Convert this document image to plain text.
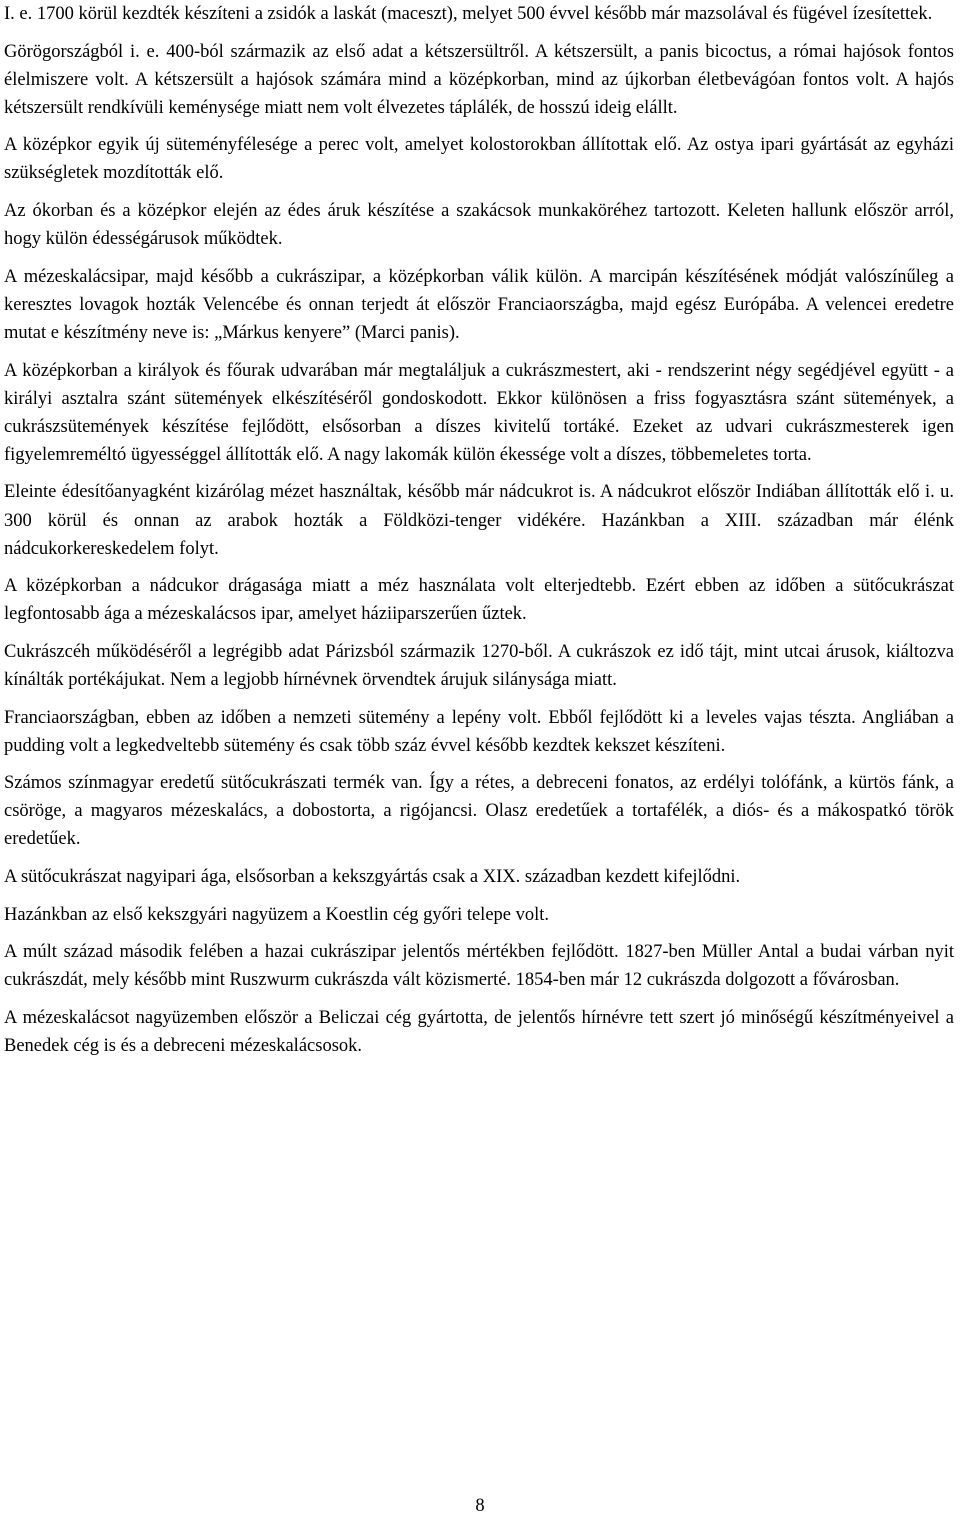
I. e. 1700 körül kezdték készíteni a zsidók a laskát (maceszt), melyet 500 évvel később már mazsolával és fügével ízesítettek.

Görögországból i. e. 400-ból származik az első adat a kétszersültről. A kétszersült, a panis bicoctus, a római hajósok fontos élelmiszere volt. A kétszersült a hajósok számára mind a középkorban, mind az újkorban életbevágóan fontos volt. A hajós kétszersült rendkívüli keménysége miatt nem volt élvezetes táplálék, de hosszú ideig elállt.

A középkor egyik új süteményfélesége a perec volt, amelyet kolostorokban állítottak elő. Az ostya ipari gyártását az egyházi szükségletek mozdították elő.

Az ókorban és a középkor elején az édes áruk készítése a szakácsok munkaköréhez tartozott. Keleten hallunk először arról, hogy külön édességárusok működtek.

A mézeskalácsipar, majd később a cukrászipar, a középkorban válik külön. A marcipán készítésének módját valószínűleg a keresztes lovagok hozták Velencébe és onnan terjedt át először Franciaországba, majd egész Európába. A velencei eredetre mutat e készítmény neve is: „Márkus kenyere” (Marci panis).

A középkorban a királyok és főurak udvarában már megtaláljuk a cukrászmestert, aki - rendszerint négy segédjével együtt - a királyi asztalra szánt sütemények elkészítéséről gondoskodott. Ekkor különösen a friss fogyasztásra szánt sütemények, a cukrászsütemények készítése fejlődött, elsősorban a díszes kivitelű tortáké. Ezeket az udvari cukrászmesterek igen figyelemreméltó ügyességgel állították elő. A nagy lakomák külön ékessége volt a díszes, többemeletes torta.

Eleinte édesítőanyagként kizárólag mézet használtak, később már nádcukrot is. A nádcukrot először Indiában állították elő i. u. 300 körül és onnan az arabok hozták a Földközi-tenger vidékére. Hazánkban a XIII. században már élénk nádcukorkereskedelem folyt.

A középkorban a nádcukor drágasága miatt a méz használata volt elterjedtebb. Ezért ebben az időben a sütőcukrászat legfontosabb ága a mézeskalácsos ipar, amelyet háziiparszerűen űztek.

Cukrászcéh működéséről a legrégibb adat Párizsból származik 1270-ből. A cukrászok ez idő tájt, mint utcai árusok, kiáltozva kínálták portékájukat. Nem a legjobb hírnévnek örvendtek árujuk silánysága miatt.

Franciaországban, ebben az időben a nemzeti sütemény a lepény volt. Ebből fejlődött ki a leveles vajas tészta. Angliában a pudding volt a legkedveltebb sütemény és csak több száz évvel később kezdtek kekszet készíteni.

Számos színmagyar eredetű sütőcukrászati termék van. Így a rétes, a debreceni fonatos, az erdélyi tolófánk, a kürtös fánk, a csöröge, a magyaros mézeskalács, a dobostorta, a rigójancsi. Olasz eredetűek a tortafélék, a diós- és a mákospatkó török eredetűek.

A sütőcukrászat nagyipari ága, elsősorban a kekszgyártás csak a XIX. században kezdett kifejlődni.

Hazánkban az első kekszgyári nagyüzem a Koestlin cég győri telepe volt.

A múlt század második felében a hazai cukrászipar jelentős mértékben fejlődött. 1827-ben Müller Antal a budai várban nyit cukrászdát, mely később mint Ruszwurm cukrászda vált közismerté. 1854-ben már 12 cukrászda dolgozott a fővárosban.

A mézeskalácsot nagyüzemben először a Beliczai cég gyártotta, de jelentős hírnévre tett szert jó minőségű készítményeivel a Benedek cég is és a debreceni mézeskalácsosok.

8
